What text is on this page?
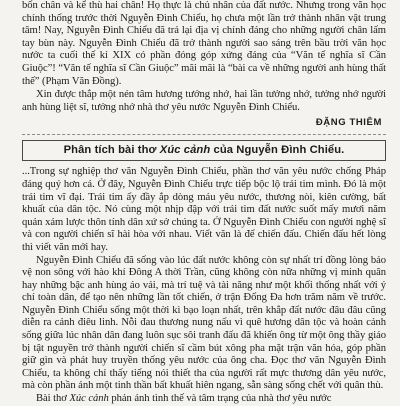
bốn chân và kể thù hai chân! Họ thực là chủ nhân của đất nước. Nhưng trong văn học chính thống trước thời Nguyễn Đình Chiểu, họ chưa một lần trở thành nhân vật trung tâm! Nay, Nguyễn Đình Chiểu đã trả lại địa vị chính đáng cho những người chân lấm tay bùn này. Nguyễn Đình Chiểu đã trở thành người sao sáng trên bầu trời văn học nước ta cuối thế kỉ XIX có phần đóng góp xứng đáng của “Văn tế nghĩa sĩ Cần Giuộc”! “Văn tế nghĩa sĩ Cần Giuộc” mãi mãi là “bài ca về những người anh hùng thất thế” (Phạm Văn Đồng).

Xin được thắp một nén tâm hương tưởng nhớ, hai lần tưởng nhớ, tưởng nhớ người anh hùng liệt sĩ, tưởng nhớ nhà thơ yêu nước Nguyễn Đình Chiểu.

ĐẶNG THIÊM
Phân tích bài thơ Xúc cảnh của Nguyễn Đình Chiểu.

...Trong sự nghiệp thơ văn Nguyễn Đình Chiểu, phần thơ văn yêu nước chống Pháp đáng quý hơn cả. Ở đây, Nguyễn Đình Chiểu trực tiếp bộc lộ trái tim mình. Đó là một trái tim vĩ đại. Trái tim ấy đầy ắp dòng máu yêu nước, thương nòi, kiên cường, bất khuất của dân tộc. Nó cùng một nhịp đập với trái tim đất nước suốt mấy mươi năm quản xám lược thôn tính dân xứ sở chúng ta. Ở Nguyễn Đình Chiểu con người nghệ sĩ và con người chiến sĩ hài hòa với nhau. Viết văn là để chiến đấu. Chiến đấu hết lòng thì viết văn mới hay.

Nguyễn Đình Chiểu đã sống vào lúc đất nước không còn sự nhất trí đồng lòng bảo vệ non sông với hào khí Đông A thời Trần, cũng không còn nữa những vị minh quân hay những bậc anh hùng áo vải, mà trí tuệ và tài năng như một khối thống nhất với ý chí toàn dân, để tạo nên những lần tốt chiến, ở trận Đống Đa hơn trăm năm về trước. Nguyễn Đình Chiểu sống một thời kì bạo loạn nhất, trên khắp đất nước đâu đâu cũng diễn ra cảnh điêu linh. Nỗi đau thương nung nấu vì quê hương dân tộc và hoàn cảnh sống giữa lúc nhân dân đang luôn sục sôi tranh đấu đã khiến ông từ một ông thầy giáo bị tật nguyền trở thành người chiến sĩ cầm bút xông pha mặt trận văn hóa, góp phần giữ gìn và phát huy truyền thống yêu nước của ông cha. Đọc thơ văn Nguyễn Đình Chiểu, ta không chỉ thấy tiếng nói thiết tha của người rất mực thương dân yêu nước, mà còn phần ánh một tinh thần bất khuất hiên ngang, sẵn sàng sống chết với quân thù.

Bài thơ Xúc cảnh phản ánh tình thế và tâm trạng của nhà thơ yêu nước
